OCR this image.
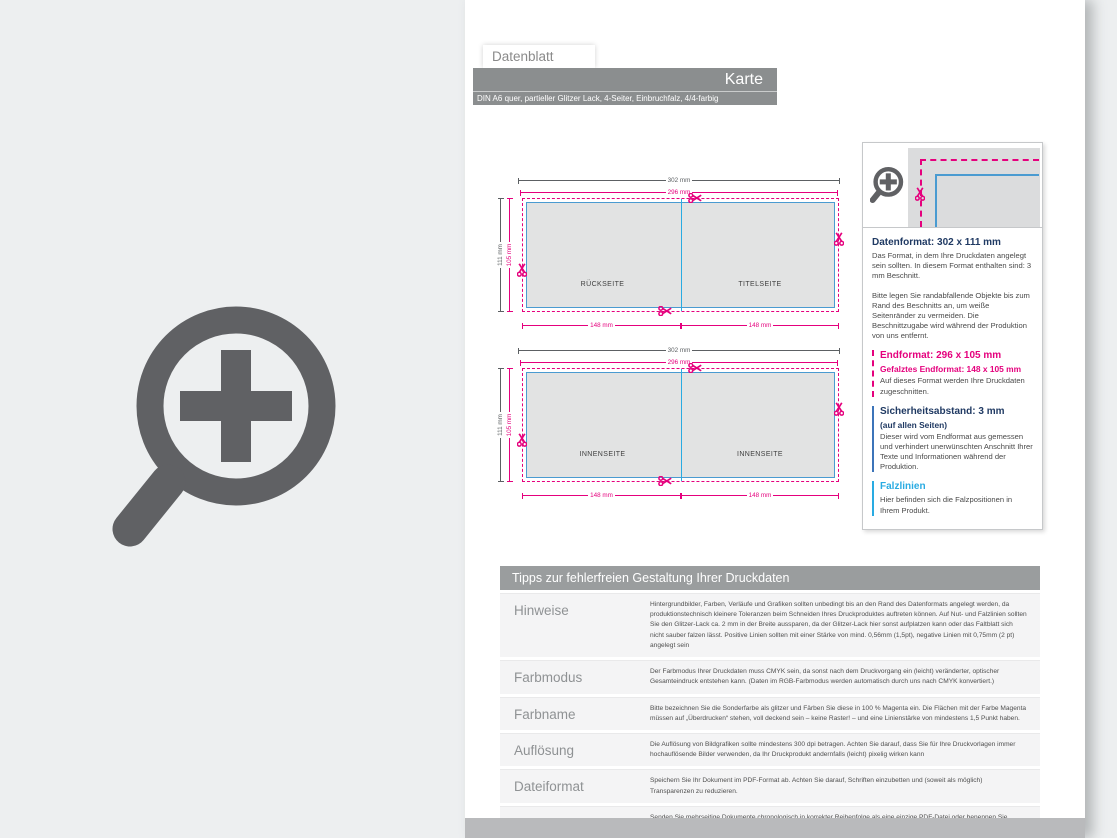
Datenblatt
Karte
DIN A6 quer, partieller Glitzer Lack, 4-Seiter, Einbruchfalz, 4/4-farbig
302 mm
296 mm
111 mm 105 mm
RÜCKSEITE	TITELSEITE
148 mm	148 mm
302 mm
296 mm
111 mm 105 mm
INNENSEITE	INNENSEITE
148 mm	148 mm
Datenformat: 302 x 111 mm

Das Format, in dem Ihre Druckdaten angelegt sein sollten. In diesem Format enthalten sind: 3 mm Beschnitt.

Bitte legen Sie randabfallende Objekte bis zum Rand des Beschnitts an, um weiße Seitenränder zu vermeiden. Die Beschnittzugabe wird während der Produktion von uns entfernt.

Endformat: 296 x 105 mm
Gefalztes Endformat: 148 x 105 mm

Auf dieses Format werden Ihre Druckdaten zugeschnitten.

Sicherheitsabstand: 3 mm
(auf allen Seiten)

Dieser wird vom Endformat aus gemessen und verhindert unerwünschten Anschnitt Ihrer Texte und Informationen während der Produktion.

Falzlinien

Hier befinden sich die Falzpositionen in Ihrem Produkt.

Tipps zur fehlerfreien Gestaltung Ihrer Druckdaten
Hinweise	Hintergrundbilder, Farben, Verläufe und Grafiken sollten unbedingt bis an den Rand des Datenformats angelegt werden, da produktionstechnisch kleinere Toleranzen beim Schneiden Ihres Druckproduktes auftreten können. Auf Nut- und Falzlinien sollten Sie den Glitzer-Lack ca. 2 mm in der Breite aussparen, da der Glitzer-Lack hier sonst aufplatzen kann oder das Faltblatt sich nicht sauber falzen lässt. Positive Linien sollten mit einer Stärke von mind. 0,56mm (1,5pt), negative Linien mit 0,75mm (2 pt) angelegt sein
Farbmodus	Der Farbmodus Ihrer Druckdaten muss CMYK sein, da sonst nach dem Druckvorgang ein (leicht) veränderter, optischer Gesamteindruck entstehen kann. (Daten im RGB-Farbmodus werden automatisch durch uns nach CMYK konvertiert.)
Farbname	Bitte bezeichnen Sie die Sonderfarbe als glitzer und Färben Sie diese in 100 % Magenta ein. Die Flächen mit der Farbe Magenta müssen auf „Überdrucken“ stehen, voll deckend sein – keine Raster! – und eine Linienstärke von mindestens 1,5 Punkt haben.
Auflösung	Die Auflösung von Bildgrafiken sollte mindestens 300 dpi betragen. Achten Sie darauf, dass Sie für Ihre Druckvorlagen immer hochauflösende Bilder verwenden, da Ihr Druckprodukt andernfalls (leicht) pixelig wirken kann
Dateiformat	Speichern Sie Ihr Dokument im PDF-Format ab. Achten Sie darauf, Schriften einzubetten und (soweit als möglich) Transparenzen zu reduzieren.
